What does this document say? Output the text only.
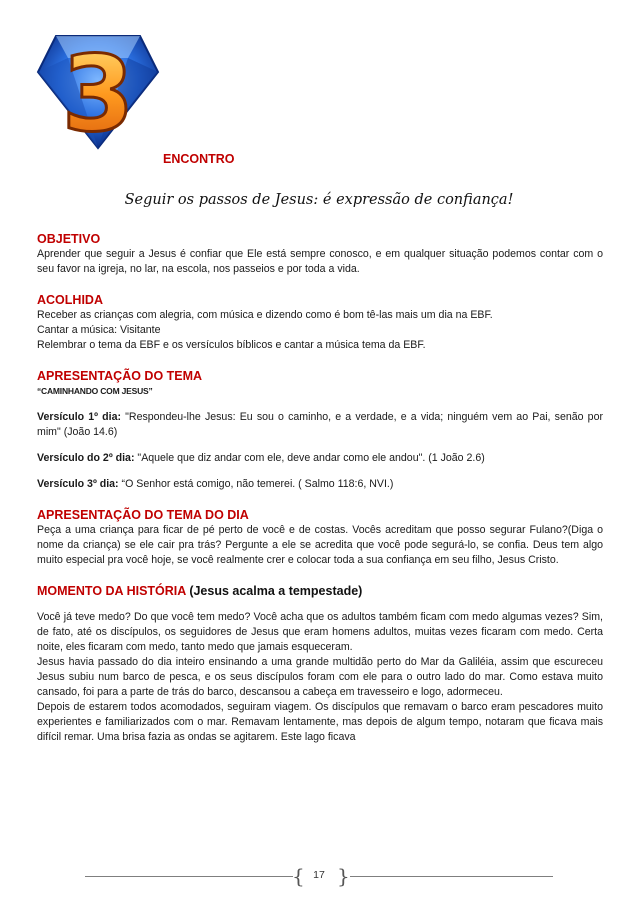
3
ENCONTRO
Seguir os passos de Jesus: é expressão de confiança!

OBJETIVO

Aprender que seguir a Jesus é confiar que Ele está sempre conosco, e em qualquer situação podemos contar com o seu favor na igreja, no lar, na escola, nos passeios e por toda a vida.

ACOLHIDA

Receber as crianças com alegria, com música e dizendo como é bom tê-las mais um dia na EBF.

Cantar a música: Visitante

Relembrar o tema da EBF e os versículos bíblicos e cantar a música tema da EBF.

APRESENTAÇÃO DO TEMA

“CAMINHANDO COM JESUS”

Versículo 1º dia: "Respondeu-lhe Jesus: Eu sou o caminho, e a verdade, e a vida; ninguém vem ao Pai, senão por mim" (João 14.6)

Versículo do 2º dia: "Aquele que diz andar com ele, deve andar como ele andou". (1 João 2.6)

Versículo 3º dia: “O Senhor está comigo, não temerei. ( Salmo 118:6, NVI.)

APRESENTAÇÃO DO TEMA DO DIA

Peça a uma criança para ficar de pé perto de você e de costas. Vocês acreditam que posso segurar Fulano?(Diga o nome da criança) se ele cair pra trás? Pergunte a ele se acredita que você pode segurá-lo, se confia. Deus tem algo muito especial pra você hoje, se você realmente crer e colocar toda a sua confiança em seu filho, Jesus Cristo.

MOMENTO DA HISTÓRIA (Jesus acalma a tempestade)

Você já teve medo? Do que você tem medo? Você acha que os adultos também ficam com medo algumas vezes? Sim, de fato, até os discípulos, os seguidores de Jesus que eram homens adultos, muitas vezes ficaram com medo. Certa noite, eles ficaram com medo, tanto medo que jamais esqueceram.

Jesus havia passado do dia inteiro ensinando a uma grande multidão perto do Mar da Galiléia, assim que escureceu Jesus subiu num barco de pesca, e os seus discípulos foram com ele para o outro lado do mar. Como estava muito cansado, foi para a parte de trás do barco, descansou a cabeça em travesseiro e logo, adormeceu.

Depois de estarem todos acomodados, seguiram viagem. Os discípulos que remavam o barco eram pescadores muito experientes e familiarizados com o mar. Remavam lentamente, mas depois de algum tempo, notaram que ficava mais difícil remar. Uma brisa fazia as ondas se agitarem. Este lago ficava

{ 17 }
